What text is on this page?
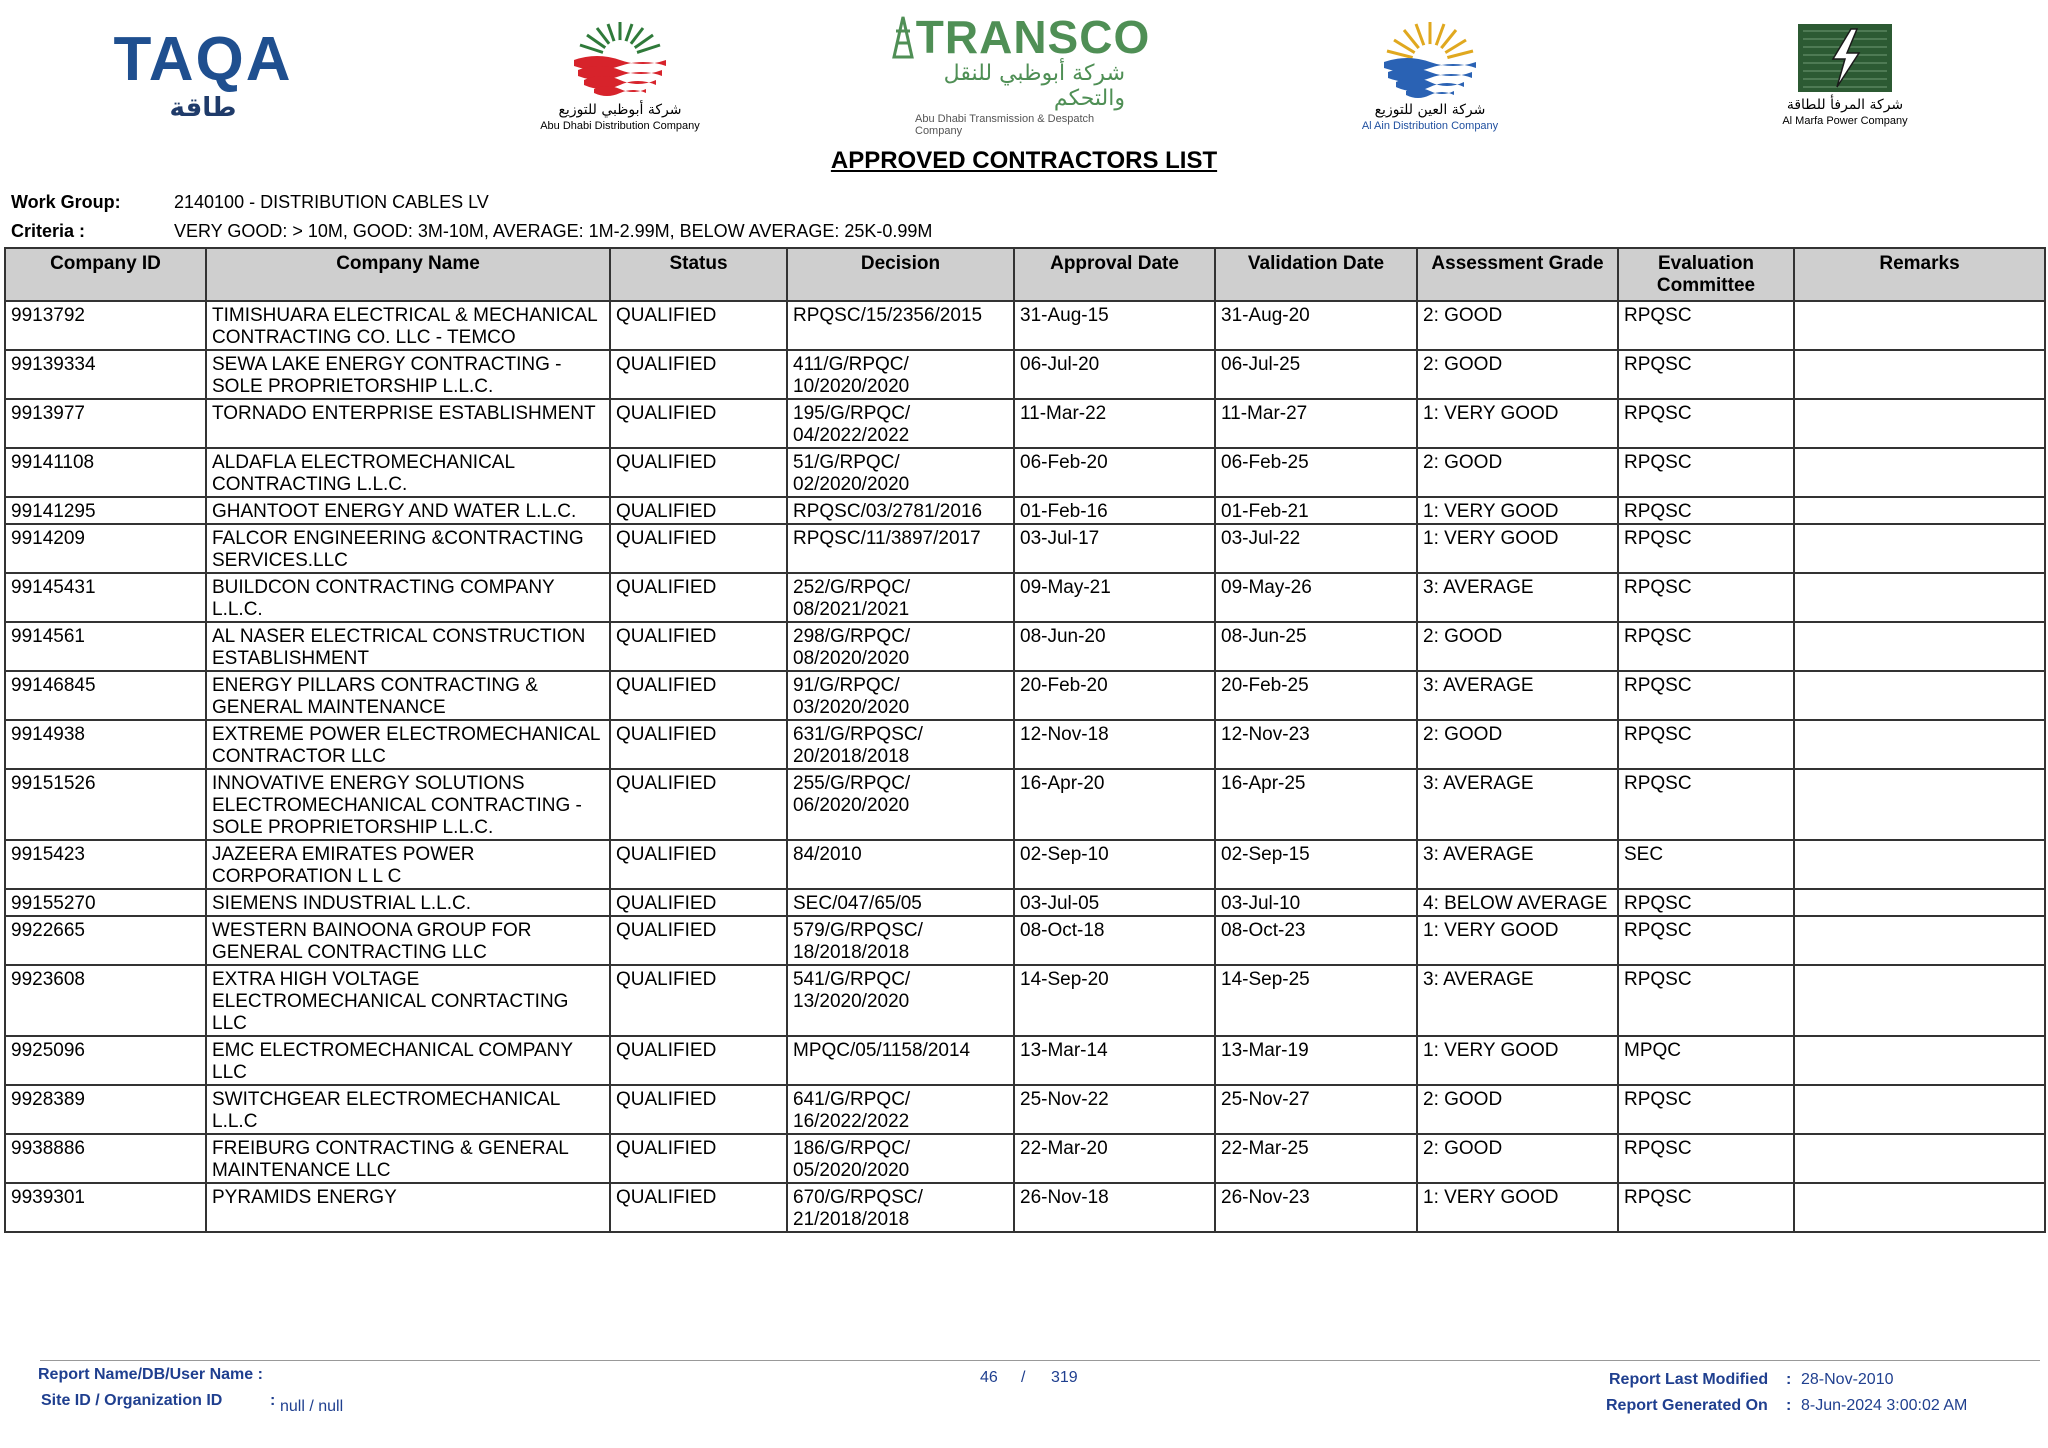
TAQA
طاقة	شركة أبوظبي للتوزيع
Abu Dhabi Distribution Company
TRANSCO
شركة أبوظبي للنقل والتحكم
Abu Dhabi Transmission & Despatch Company
شركة العين للتوزيع
Al Ain Distribution Company
شركة المرفأ للطاقة
Al Marfa Power Company
APPROVED CONTRACTORS LIST
Work Group:	2140100 - DISTRIBUTION CABLES LV
Criteria :	VERY GOOD: > 10M, GOOD: 3M-10M, AVERAGE: 1M-2.99M, BELOW AVERAGE: 25K-0.99M
Company ID	Company Name	Status	Decision	Approval Date	Validation Date	Assessment Grade	Evaluation Committee	Remarks
9913792	TIMISHUARA ELECTRICAL & MECHANICAL CONTRACTING CO. LLC - TEMCO	QUALIFIED	RPQSC/15/2356/2015	31-Aug-15	31-Aug-20	2: GOOD	RPQSC	
99139334	SEWA LAKE ENERGY CONTRACTING - SOLE PROPRIETORSHIP L.L.C.	QUALIFIED	411/G/RPQC/ 10/2020/2020	06-Jul-20	06-Jul-25	2: GOOD	RPQSC	
9913977	TORNADO ENTERPRISE ESTABLISHMENT	QUALIFIED	195/G/RPQC/ 04/2022/2022	11-Mar-22	11-Mar-27	1: VERY GOOD	RPQSC	
99141108	ALDAFLA ELECTROMECHANICAL CONTRACTING L.L.C.	QUALIFIED	51/G/RPQC/ 02/2020/2020	06-Feb-20	06-Feb-25	2: GOOD	RPQSC	
99141295	GHANTOOT ENERGY AND WATER L.L.C.	QUALIFIED	RPQSC/03/2781/2016	01-Feb-16	01-Feb-21	1: VERY GOOD	RPQSC	
9914209	FALCOR ENGINEERING &CONTRACTING SERVICES.LLC	QUALIFIED	RPQSC/11/3897/2017	03-Jul-17	03-Jul-22	1: VERY GOOD	RPQSC	
99145431	BUILDCON CONTRACTING COMPANY L.L.C.	QUALIFIED	252/G/RPQC/ 08/2021/2021	09-May-21	09-May-26	3: AVERAGE	RPQSC	
9914561	AL NASER ELECTRICAL CONSTRUCTION ESTABLISHMENT	QUALIFIED	298/G/RPQC/ 08/2020/2020	08-Jun-20	08-Jun-25	2: GOOD	RPQSC	
99146845	ENERGY PILLARS CONTRACTING & GENERAL MAINTENANCE	QUALIFIED	91/G/RPQC/ 03/2020/2020	20-Feb-20	20-Feb-25	3: AVERAGE	RPQSC	
9914938	EXTREME POWER ELECTROMECHANICAL CONTRACTOR LLC	QUALIFIED	631/G/RPQSC/ 20/2018/2018	12-Nov-18	12-Nov-23	2: GOOD	RPQSC	
99151526	INNOVATIVE ENERGY SOLUTIONS ELECTROMECHANICAL CONTRACTING - SOLE PROPRIETORSHIP L.L.C.	QUALIFIED	255/G/RPQC/ 06/2020/2020	16-Apr-20	16-Apr-25	3: AVERAGE	RPQSC	
9915423	JAZEERA EMIRATES POWER CORPORATION L L C	QUALIFIED	84/2010	02-Sep-10	02-Sep-15	3: AVERAGE	SEC	
99155270	SIEMENS INDUSTRIAL L.L.C.	QUALIFIED	SEC/047/65/05	03-Jul-05	03-Jul-10	4: BELOW AVERAGE	RPQSC	
9922665	WESTERN BAINOONA GROUP FOR GENERAL CONTRACTING LLC	QUALIFIED	579/G/RPQSC/ 18/2018/2018	08-Oct-18	08-Oct-23	1: VERY GOOD	RPQSC	
9923608	EXTRA HIGH VOLTAGE ELECTROMECHANICAL CONRTACTING LLC	QUALIFIED	541/G/RPQC/ 13/2020/2020	14-Sep-20	14-Sep-25	3: AVERAGE	RPQSC	
9925096	EMC ELECTROMECHANICAL COMPANY LLC	QUALIFIED	MPQC/05/1158/2014	13-Mar-14	13-Mar-19	1: VERY GOOD	MPQC	
9928389	SWITCHGEAR ELECTROMECHANICAL L.L.C	QUALIFIED	641/G/RPQC/ 16/2022/2022	25-Nov-22	25-Nov-27	2: GOOD	RPQSC	
9938886	FREIBURG CONTRACTING & GENERAL MAINTENANCE LLC	QUALIFIED	186/G/RPQC/ 05/2020/2020	22-Mar-20	22-Mar-25	2: GOOD	RPQSC	
9939301	PYRAMIDS ENERGY	QUALIFIED	670/G/RPQSC/ 21/2018/2018	26-Nov-18	26-Nov-23	1: VERY GOOD	RPQSC	
Report Name/DB/User Name :
Site ID / Organization ID	: null / null
46 / 319	Report Last Modified : 28-Nov-2010
Report Generated On : 8-Jun-2024 3:00:02 AM
